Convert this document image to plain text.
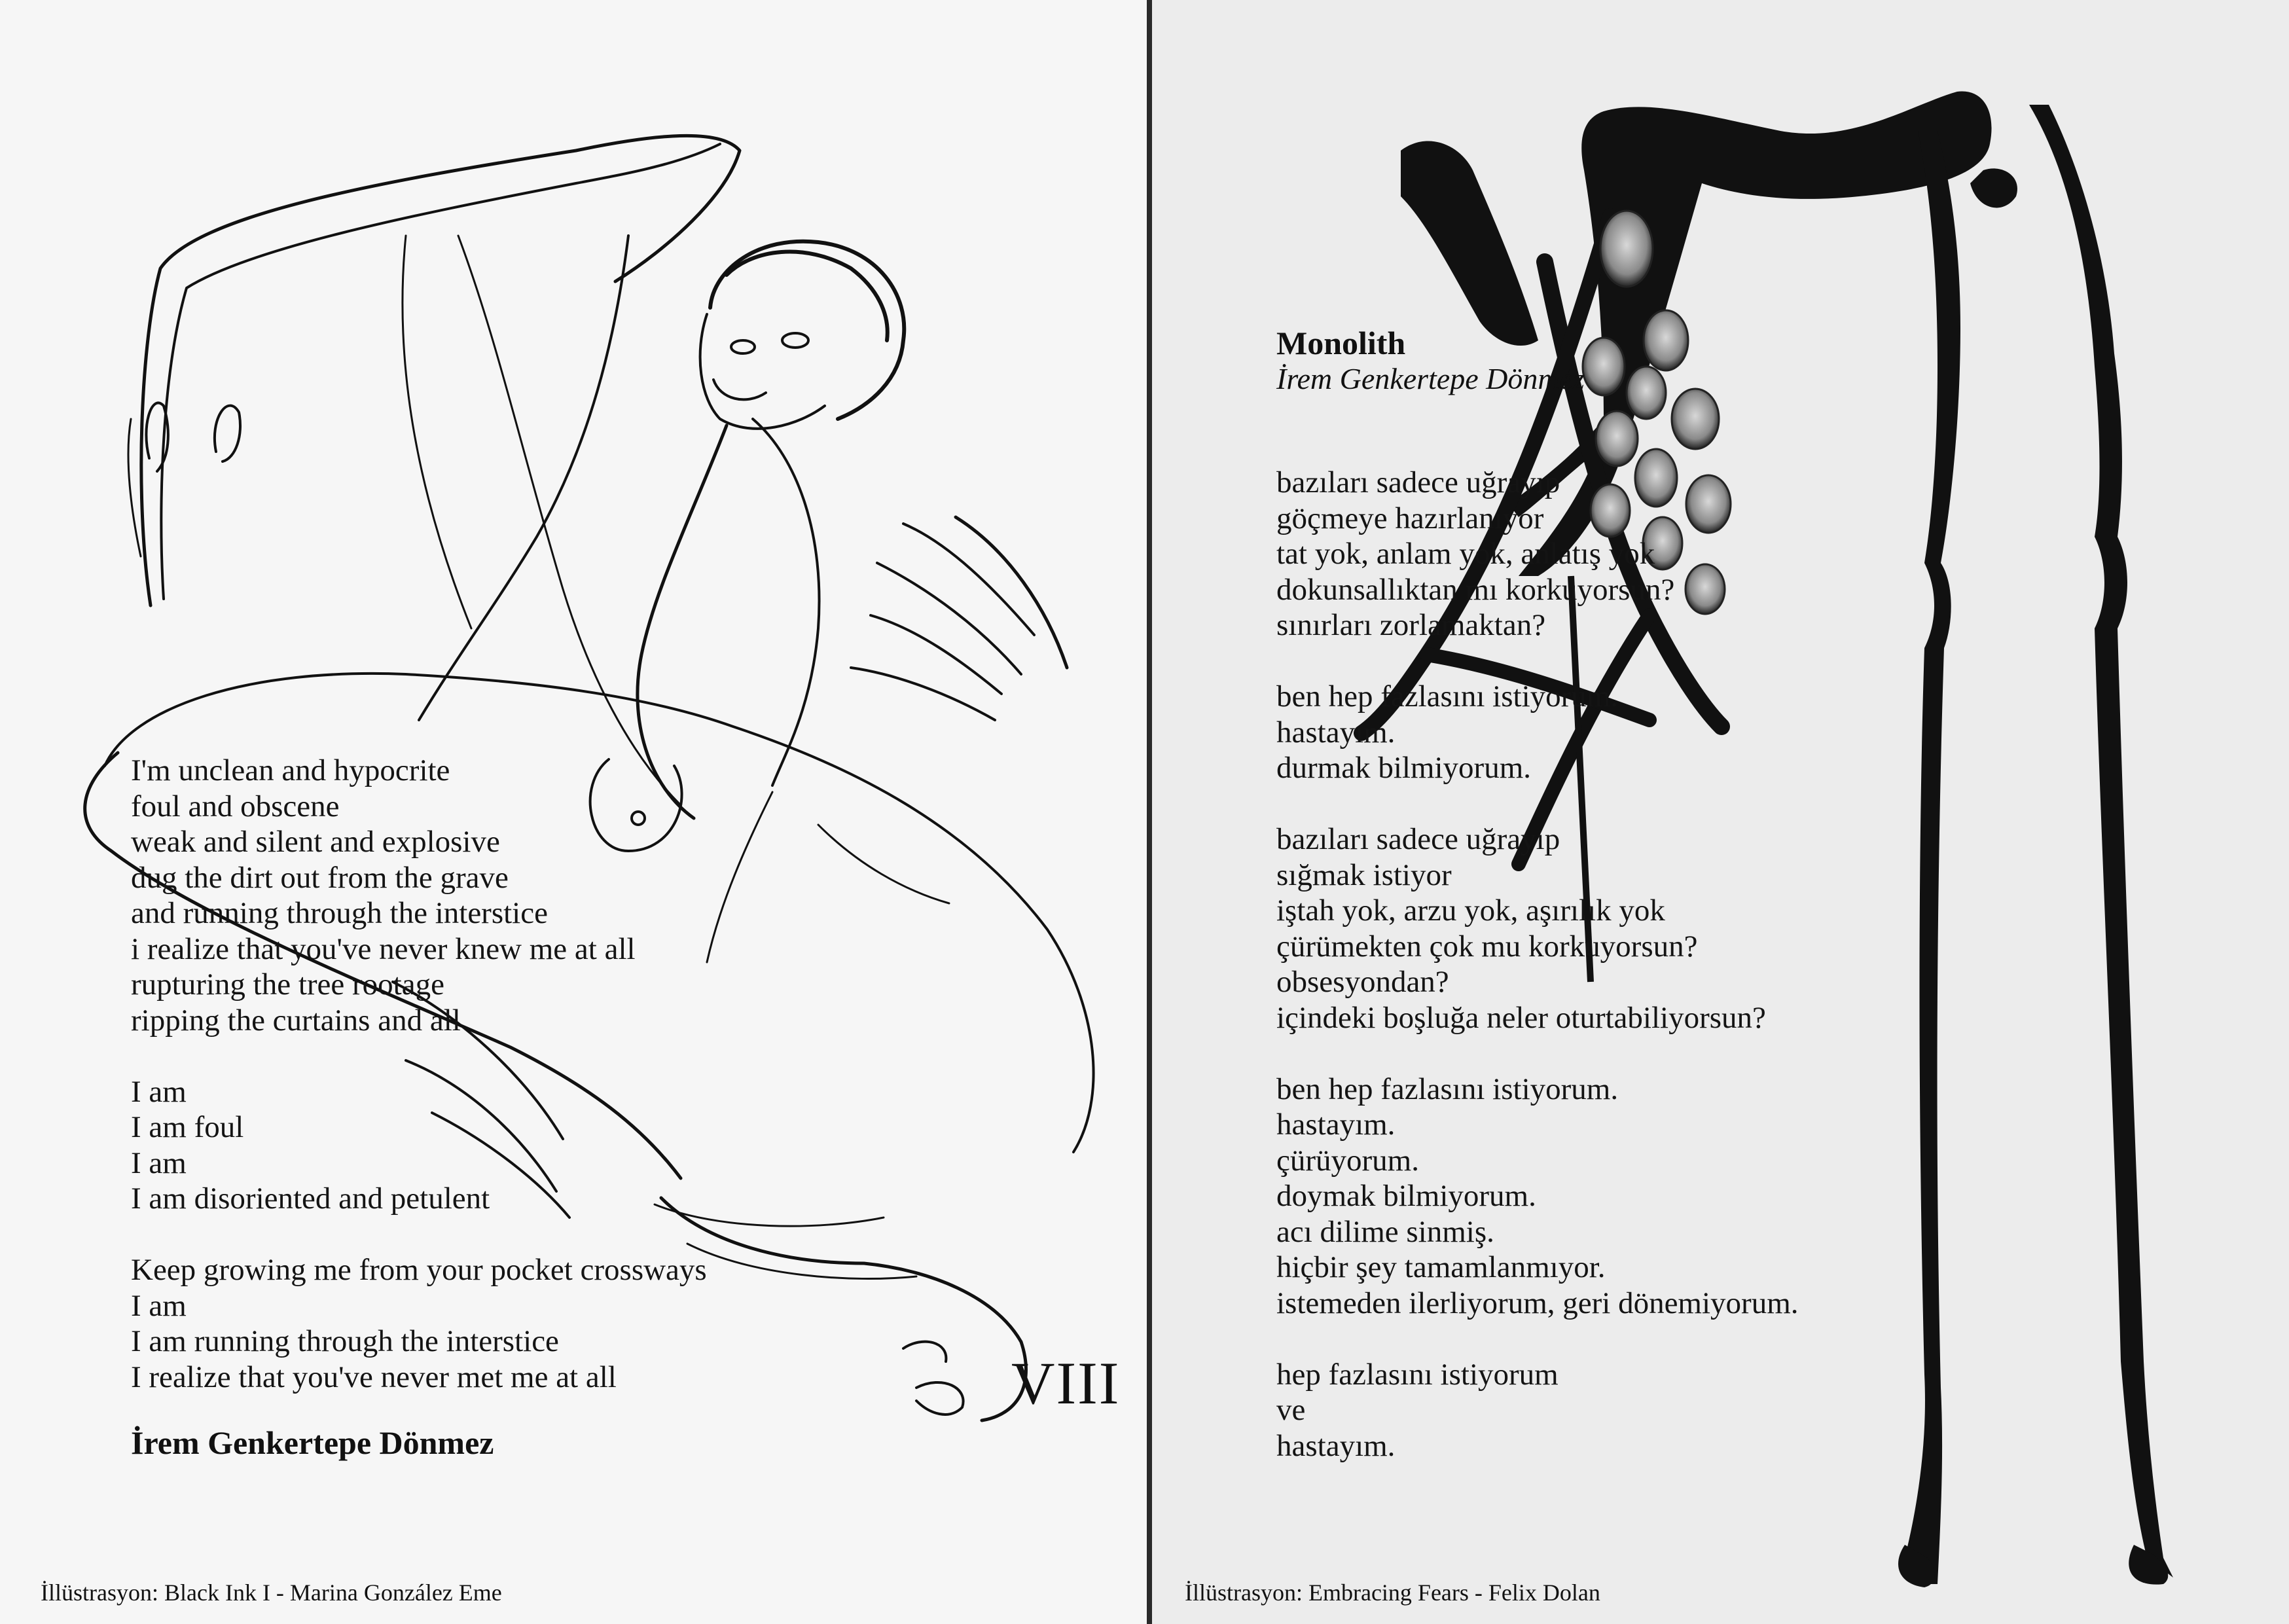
I'm unclean and hypocrite
foul and obscene
weak and silent and explosive
dug the dirt out from the grave
and running through the interstice
i realize that you've never knew me at all
rupturing the tree rootage
ripping the curtains and all
I am
I am foul
I am
I am disoriented and petulent
Keep growing me from your pocket crossways
I am
I am running through the interstice
I realize that you've never met me at all
İrem Genkertepe Dönmez
VIII
İllüstrasyon: Black Ink I - Marina González Eme
Monolith
İrem Genkertepe Dönmez
bazıları sadece uğrayıp
göçmeye hazırlanıyor
tat yok, anlam yok, anlatış yok
dokunsallıktan mı korkuyorsun?
sınırları zorlamaktan?
ben hep fazlasını istiyorum.
hastayım.
durmak bilmiyorum.
bazıları sadece uğrayıp
sığmak istiyor
iştah yok, arzu yok, aşırılık yok
çürümekten çok mu korkuyorsun?
obsesyondan?
içindeki boşluğa neler oturtabiliyorsun?
ben hep fazlasını istiyorum.
hastayım.
çürüyorum.
doymak bilmiyorum.
acı dilime sinmiş.
hiçbir şey tamamlanmıyor.
istemeden ilerliyorum, geri dönemiyorum.
hep fazlasını istiyorum
ve
hastayım.
İllüstrasyon: Embracing Fears - Felix Dolan
